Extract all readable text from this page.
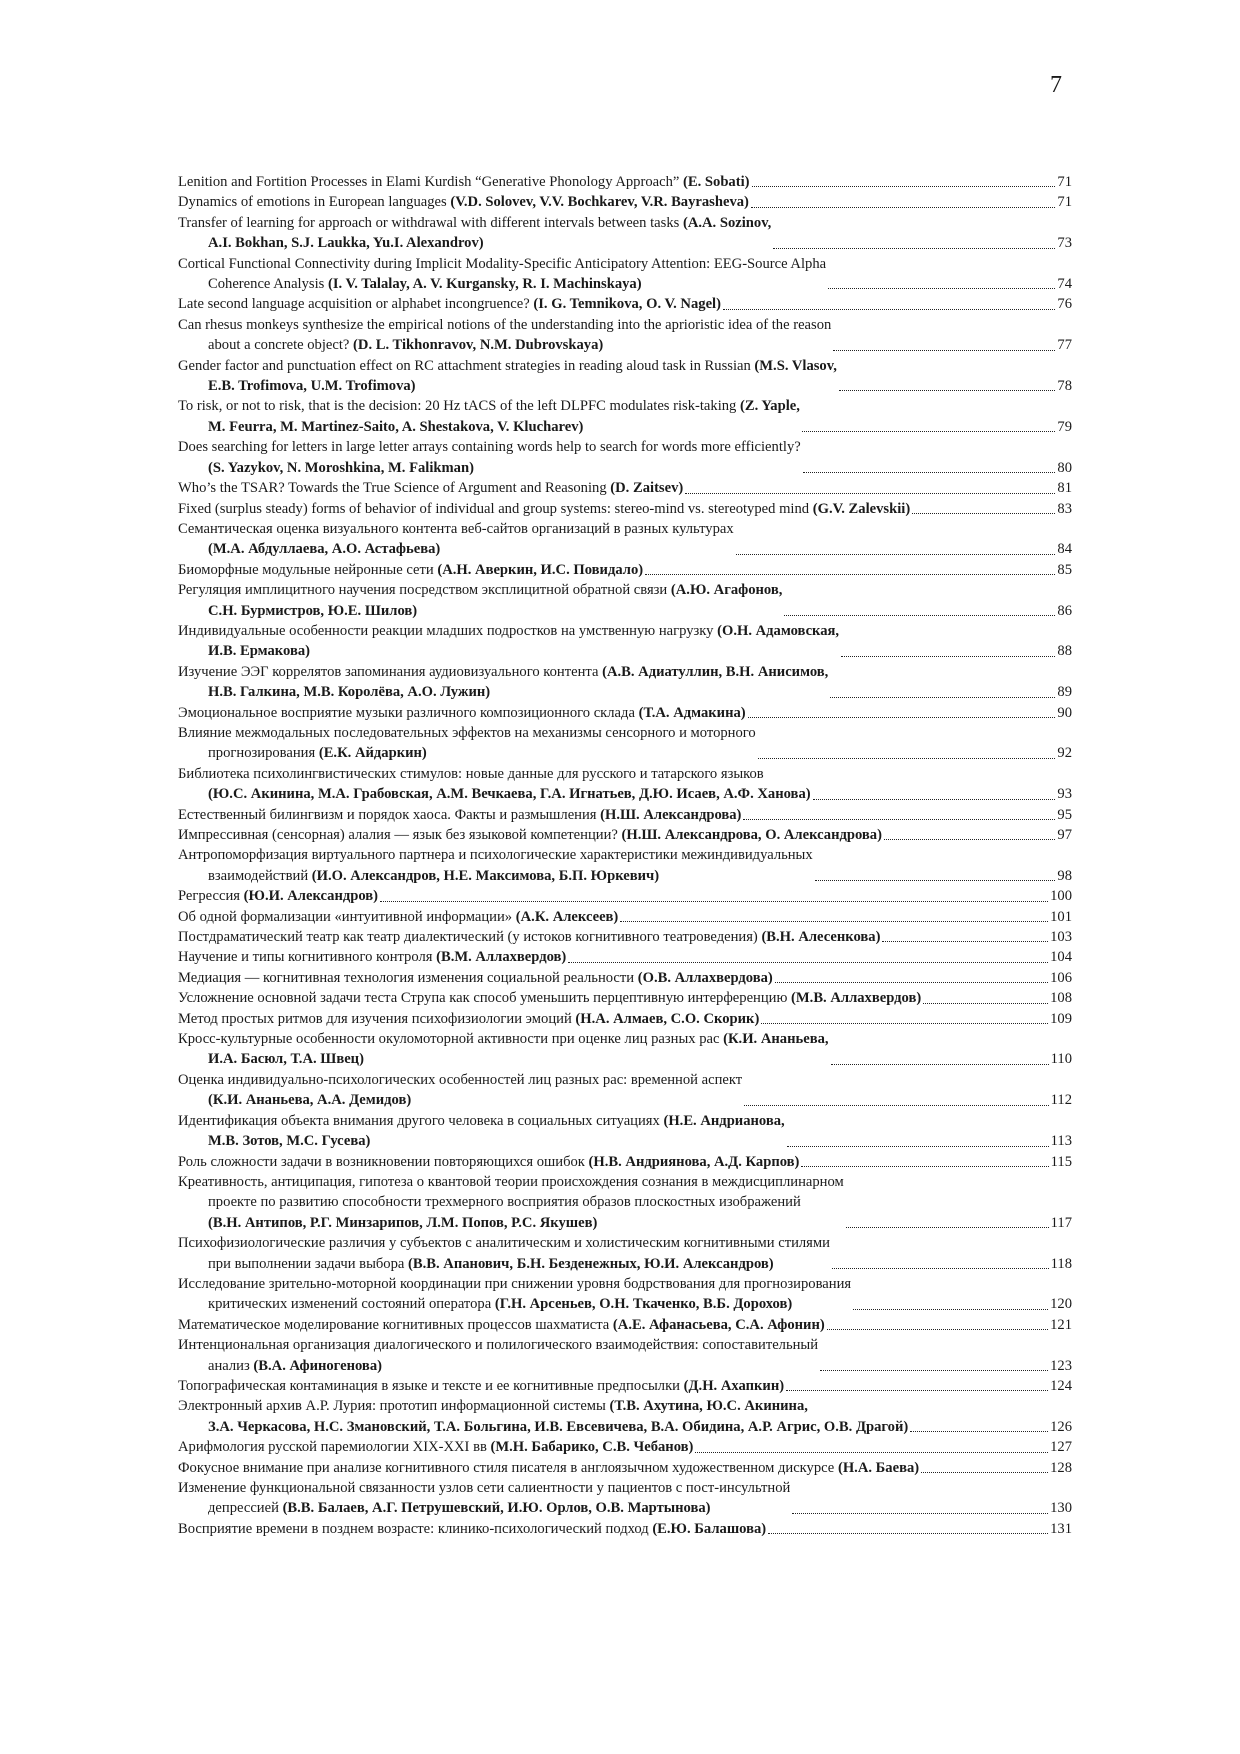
7
Lenition and Fortition Processes in Elami Kurdish “Generative Phonology Approach” (E. Sobati)	71
Dynamics of emotions in European languages (V.D. Solovev, V.V. Bochkarev, V.R. Bayrasheva)	71
Transfer of learning for approach or withdrawal with different intervals between tasks (A.A. Sozinov,
A.I. Bokhan, S.J. Laukka, Yu.I. Alexandrov)	73
Cortical Functional Connectivity during Implicit Modality-Specific Anticipatory Attention: EEG-Source Alpha
Coherence Analysis (I. V. Talalay, A. V. Kurgansky, R. I. Machinskaya)	74
Late second language acquisition or alphabet incongruence? (I. G. Temnikova, O. V. Nagel)	76
Can rhesus monkeys synthesize the empirical notions of the understanding into the aprioristic idea of the reason
about a concrete object? (D. L. Tikhonravov, N.M. Dubrovskaya)	77
Gender factor and punctuation effect on RC attachment strategies in reading aloud task in Russian (M.S. Vlasov,
E.B. Trofimova, U.M. Trofimova)	78
To risk, or not to risk, that is the decision: 20 Hz tACS of the left DLPFC modulates risk-taking (Z. Yaple,
M. Feurra, M. Martinez-Saito, A. Shestakova, V. Klucharev)	79
Does searching for letters in large letter arrays containing words help to search for words more efficiently?
(S. Yazykov, N. Moroshkina, M. Falikman)	80
Who’s the TSAR? Towards the True Science of Argument and Reasoning (D. Zaitsev)	81
Fixed (surplus steady) forms of behavior of individual and group systems: stereo-mind vs. stereotyped mind (G.V. Zalevskii)	83
Семантическая оценка визуального контента веб-сайтов организаций в разных культурах
(М.А. Абдуллаева, А.О. Астафьева)	84
Биоморфные модульные нейронные сети (А.Н. Аверкин, И.С. Повидало)	85
Регуляция имплицитного научения посредством эксплицитной обратной связи (А.Ю. Агафонов,
С.Н. Бурмистров, Ю.Е. Шилов)	86
Индивидуальные особенности реакции младших подростков на умственную нагрузку (О.Н. Адамовская,
И.В. Ермакова)	88
Изучение ЭЭГ коррелятов запоминания аудиовизуального контента (А.В. Адиатуллин, В.Н. Анисимов,
Н.В. Галкина, М.В. Королёва, А.О. Лужин)	89
Эмоциональное восприятие музыки различного композиционного склада (Т.А. Адмакина)	90
Влияние межмодальных последовательных эффектов на механизмы сенсорного и моторного
прогнозирования (Е.К. Айдаркин)	92
Библиотека психолингвистических стимулов: новые данные для русского и татарского языков
(Ю.С. Акинина, М.А. Грабовская, А.М. Вечкаева, Г.А. Игнатьев, Д.Ю. Исаев, А.Ф. Ханова)	93
Естественный билингвизм и порядок хаоса. Факты и размышления (Н.Ш. Александрова)	95
Импрессивная (сенсорная) алалия — язык без языковой компетенции? (Н.Ш. Александрова, О. Александрова)	97
Антропоморфизация виртуального партнера и психологические характеристики межиндивидуальных
взаимодействий (И.О. Александров, Н.Е. Максимова, Б.П. Юркевич)	98
Регрессия (Ю.И. Александров)	100
Об одной формализации «интуитивной информации» (А.К. Алексеев)	101
Постдраматический театр как театр диалектический (у истоков когнитивного театроведения) (В.Н. Алесенкова)	103
Научение и типы когнитивного контроля (В.М. Аллахвердов)	104
Медиация — когнитивная технология изменения социальной реальности (О.В. Аллахвердова)	106
Усложнение основной задачи теста Струпа как способ уменьшить перцептивную интерференцию (М.В. Аллахвердов)	108
Метод простых ритмов для изучения психофизиологии эмоций (Н.А. Алмаев, С.О. Скорик)	109
Кросс-культурные особенности окуломоторной активности при оценке лиц разных рас (К.И. Ананьева,
И.А. Басюл, Т.А. Швец)	110
Оценка индивидуально-психологических особенностей лиц разных рас: временной аспект
(К.И. Ананьева, А.А. Демидов)	112
Идентификация объекта внимания другого человека в социальных ситуациях (Н.Е. Андрианова,
М.В. Зотов, М.С. Гусева)	113
Роль сложности задачи в возникновении повторяющихся ошибок (Н.В. Андриянова, А.Д. Карпов)	115
Креативность, антиципация, гипотеза о квантовой теории происхождения сознания в междисциплинарном
проекте по развитию способности трехмерного восприятия образов плоскостных изображений
(В.Н. Антипов, Р.Г. Минзарипов, Л.М. Попов, Р.С. Якушев)	117
Психофизиологические различия у субъектов с аналитическим и холистическим когнитивными стилями
при выполнении задачи выбора (В.В. Апанович, Б.Н. Безденежных, Ю.И. Александров)	118
Исследование зрительно-моторной координации при снижении уровня бодрствования для прогнозирования
критических изменений состояний оператора (Г.Н. Арсеньев, О.Н. Ткаченко, В.Б. Дорохов)	120
Математическое моделирование когнитивных процессов шахматиста (А.Е. Афанасьева, С.А. Афонин)	121
Интенциональная организация диалогического и полилогического взаимодействия: сопоставительный
анализ (В.А. Афиногенова)	123
Топографическая контаминация в языке и тексте и ее когнитивные предпосылки (Д.Н. Ахапкин)	124
Электронный архив А.Р. Лурия: прототип информационной системы (Т.В. Ахутина, Ю.С. Акинина,
З.А. Черкасова, Н.С. Змановский, Т.А. Больгина, И.В. Евсевичева, В.А. Обидина, А.Р. Агрис, О.В. Драгой)	126
Арифмология русской паремиологии XIX-XXI вв (М.Н. Бабарико, С.В. Чебанов)	127
Фокусное внимание при анализе когнитивного стиля писателя в англоязычном художественном дискурсе (Н.А. Баева)	128
Изменение функциональной связанности узлов сети салиентности у пациентов с пост-инсультной
депрессией (В.В. Балаев, А.Г. Петрушевский, И.Ю. Орлов, О.В. Мартынова)	130
Восприятие времени в позднем возрасте: клинико-психологический подход (Е.Ю. Балашова)	131
